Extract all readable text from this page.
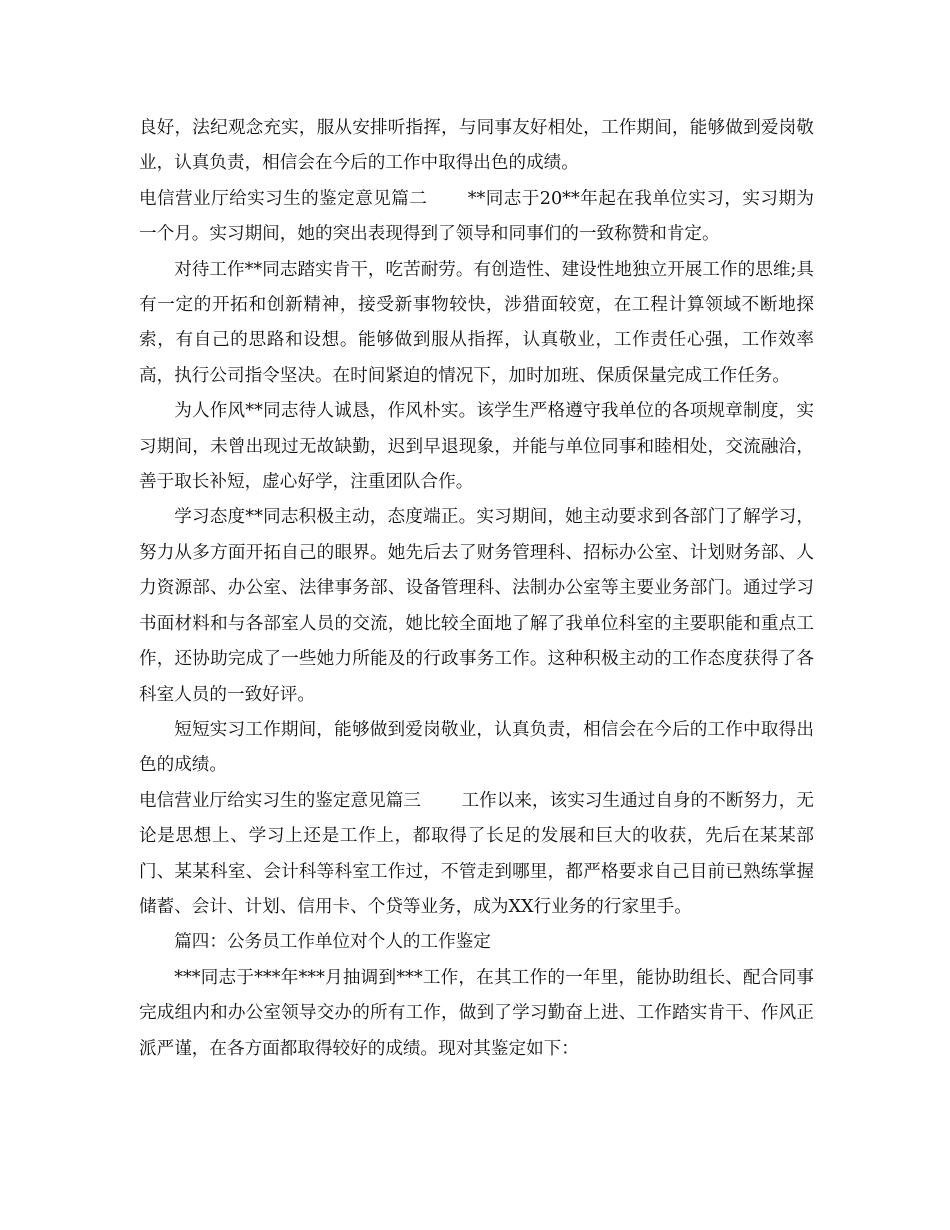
良好，法纪观念充实，服从安排听指挥，与同事友好相处，工作期间，能够做到爱岗敬业，认真负责，相信会在今后的工作中取得出色的成绩。

电信营业厅给实习生的鉴定意见篇二 **同志于20**年起在我单位实习，实习期为一个月。实习期间，她的突出表现得到了领导和同事们的一致称赞和肯定。

对待工作**同志踏实肯干，吃苦耐劳。有创造性、建设性地独立开展工作的思维;具有一定的开拓和创新精神，接受新事物较快，涉猎面较宽，在工程计算领域不断地探索，有自己的思路和设想。能够做到服从指挥，认真敬业，工作责任心强，工作效率高，执行公司指令坚决。在时间紧迫的情况下，加时加班、保质保量完成工作任务。

为人作风**同志待人诚恳，作风朴实。该学生严格遵守我单位的各项规章制度，实习期间，未曾出现过无故缺勤，迟到早退现象，并能与单位同事和睦相处，交流融洽，善于取长补短，虚心好学，注重团队合作。

学习态度**同志积极主动，态度端正。实习期间，她主动要求到各部门了解学习，努力从多方面开拓自己的眼界。她先后去了财务管理科、招标办公室、计划财务部、人力资源部、办公室、法律事务部、设备管理科、法制办公室等主要业务部门。通过学习书面材料和与各部室人员的交流，她比较全面地了解了我单位科室的主要职能和重点工作，还协助完成了一些她力所能及的行政事务工作。这种积极主动的工作态度获得了各科室人员的一致好评。

短短实习工作期间，能够做到爱岗敬业，认真负责，相信会在今后的工作中取得出色的成绩。

电信营业厅给实习生的鉴定意见篇三 工作以来，该实习生通过自身的不断努力，无论是思想上、学习上还是工作上，都取得了长足的发展和巨大的收获，先后在某某部门、某某科室、会计科等科室工作过，不管走到哪里，都严格要求自己目前已熟练掌握储蓄、会计、计划、信用卡、个贷等业务，成为XX行业务的行家里手。

篇四：公务员工作单位对个人的工作鉴定

***同志于***年***月抽调到***工作，在其工作的一年里，能协助组长、配合同事完成组内和办公室领导交办的所有工作，做到了学习勤奋上进、工作踏实肯干、作风正派严谨，在各方面都取得较好的成绩。现对其鉴定如下：
